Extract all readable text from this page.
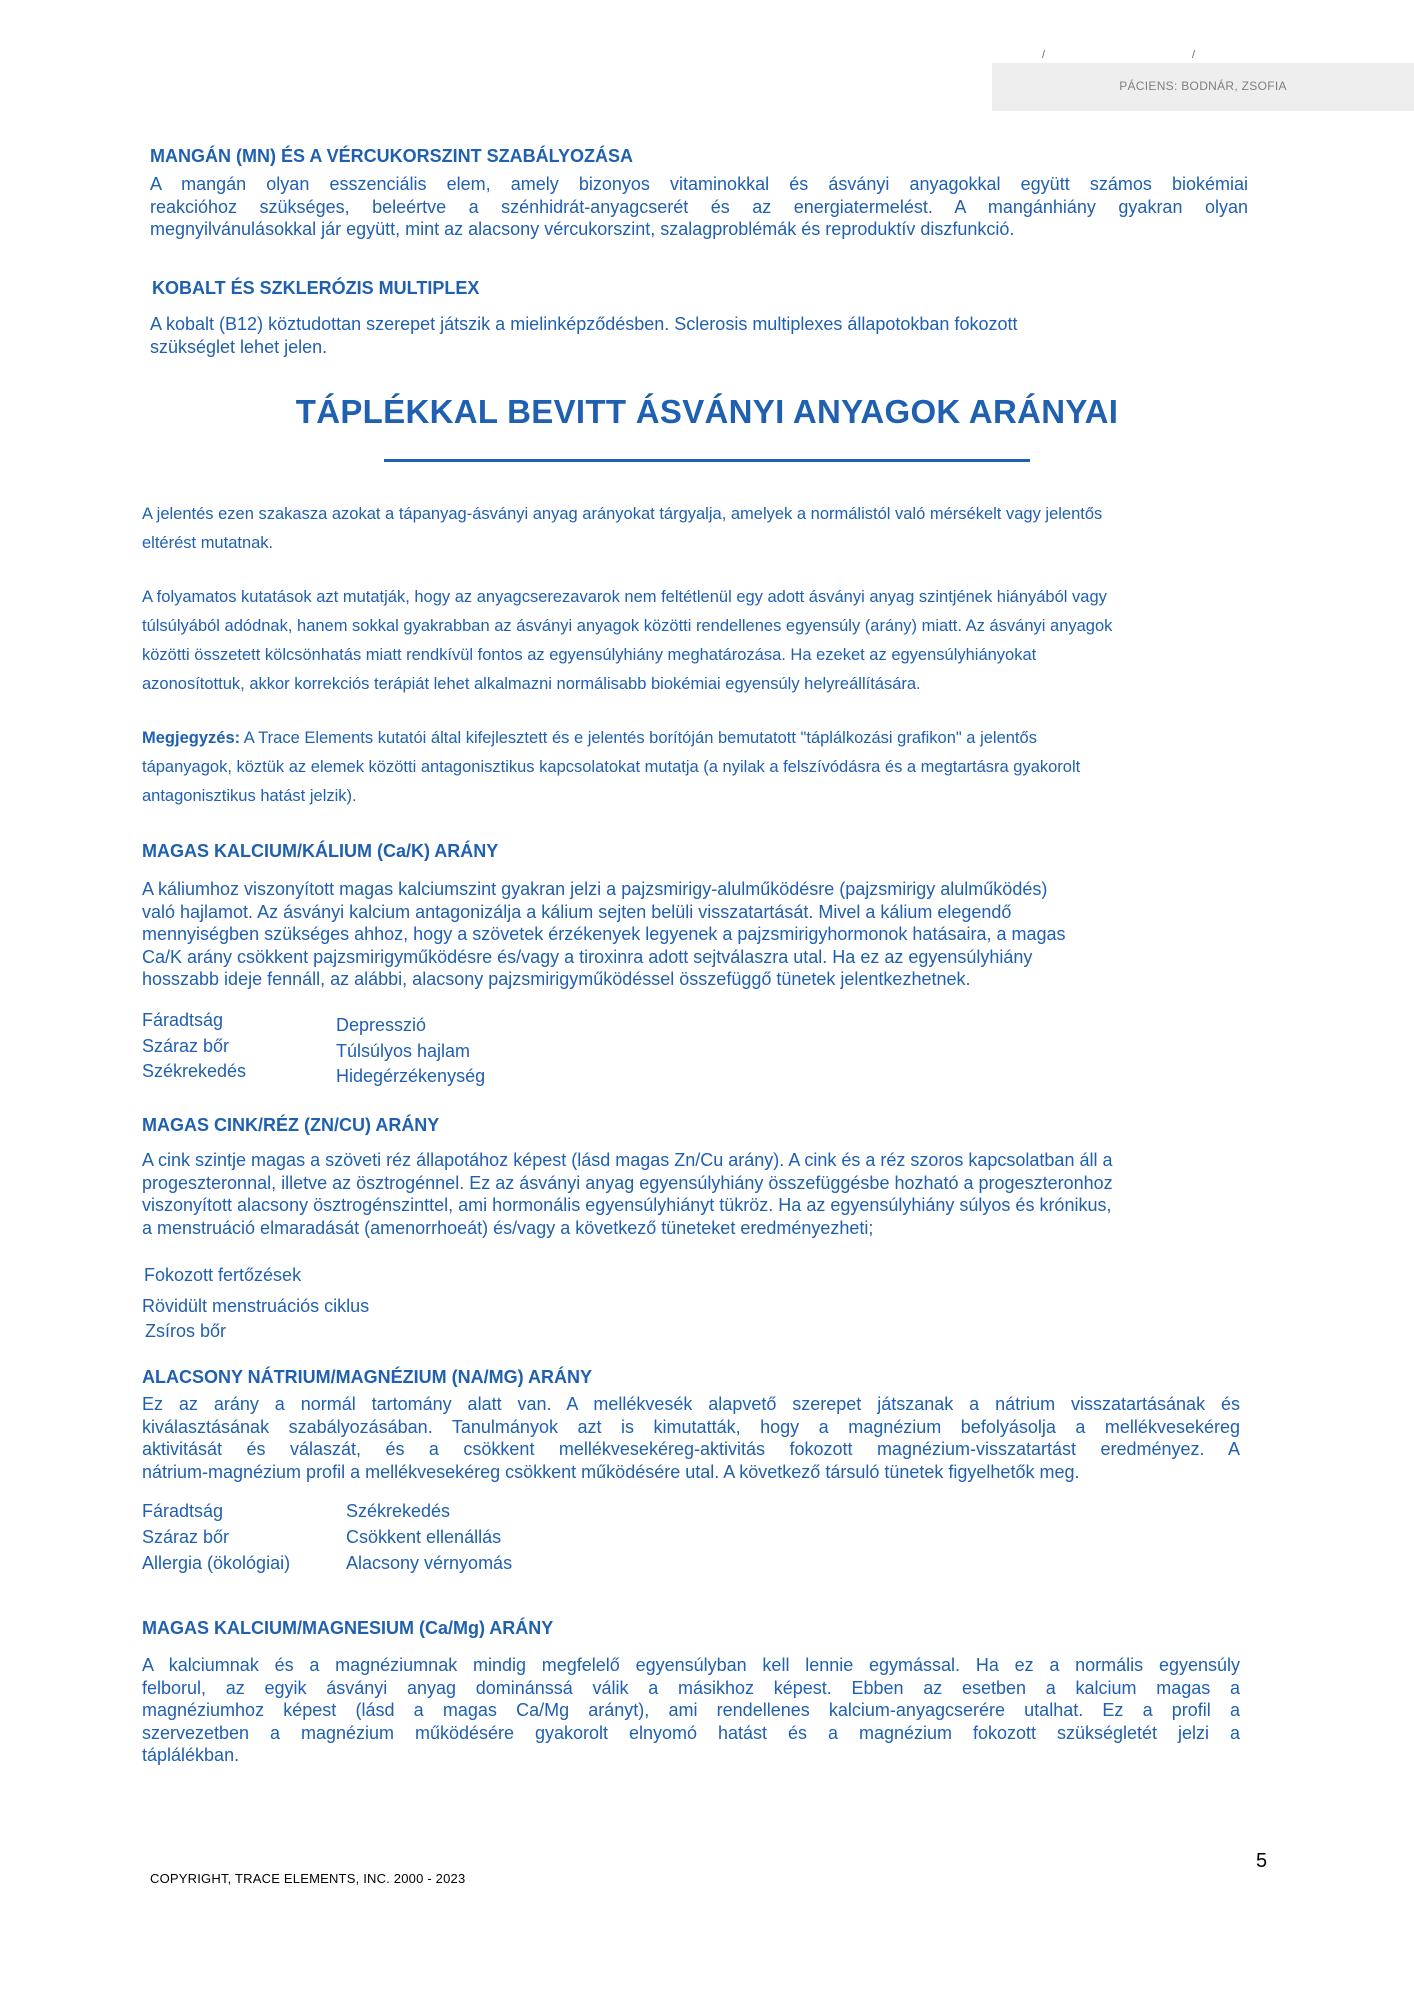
/	/
PÁCIENS: BODNÁR, ZSOFIA
MANGÁN (MN) ÉS A VÉRCUKORSZINT SZABÁLYOZÁSA
A mangán olyan esszenciális elem, amely bizonyos vitaminokkal és ásványi anyagokkal együtt számos biokémiai
reakcióhoz szükséges, beleértve a szénhidrát-anyagcserét és az energiatermelést. A mangánhiány gyakran olyan
megnyilvánulásokkal jár együtt, mint az alacsony vércukorszint, szalagproblémák és reproduktív diszfunkció.
KOBALT ÉS SZKLERÓZIS MULTIPLEX
A kobalt (B12) köztudottan szerepet játszik a mielinképződésben. Sclerosis multiplexes állapotokban fokozott
szükséglet lehet jelen.
TÁPLÉKKAL BEVITT ÁSVÁNYI ANYAGOK ARÁNYAI
A jelentés ezen szakasza azokat a tápanyag-ásványi anyag arányokat tárgyalja, amelyek a normálistól való mérsékelt vagy jelentős
eltérést mutatnak.
A folyamatos kutatások azt mutatják, hogy az anyagcserezavarok nem feltétlenül egy adott ásványi anyag szintjének hiányából vagy
túlsúlyából adódnak, hanem sokkal gyakrabban az ásványi anyagok közötti rendellenes egyensúly (arány) miatt. Az ásványi anyagok
közötti összetett kölcsönhatás miatt rendkívül fontos az egyensúlyhiány meghatározása. Ha ezeket az egyensúlyhiányokat
azonosítottuk, akkor korrekciós terápiát lehet alkalmazni normálisabb biokémiai egyensúly helyreállítására.
Megjegyzés: A Trace Elements kutatói által kifejlesztett és e jelentés borítóján bemutatott "táplálkozási grafikon" a jelentős
tápanyagok, köztük az elemek közötti antagonisztikus kapcsolatokat mutatja (a nyilak a felszívódásra és a megtartásra gyakorolt
antagonisztikus hatást jelzik).
MAGAS KALCIUM/KÁLIUM (Ca/K) ARÁNY
A káliumhoz viszonyított magas kalciumszint gyakran jelzi a pajzsmirigy-alulműködésre (pajzsmirigy alulműködés)
való hajlamot. Az ásványi kalcium antagonizálja a kálium sejten belüli visszatartását. Mivel a kálium elegendő
mennyiségben szükséges ahhoz, hogy a szövetek érzékenyek legyenek a pajzsmirigyhormonok hatásaira, a magas
Ca/K arány csökkent pajzsmirigyműködésre és/vagy a tiroxinra adott sejtválaszra utal. Ha ez az egyensúlyhiány
hosszabb ideje fennáll, az alábbi, alacsony pajzsmirigyműködéssel összefüggő tünetek jelentkezhetnek.
Fáradtság
Száraz bőr
Székrekedés
Depresszió
Túlsúlyos hajlam
Hidegérzékenység
MAGAS CINK/RÉZ (ZN/CU) ARÁNY
A cink szintje magas a szöveti réz állapotához képest (lásd magas Zn/Cu arány). A cink és a réz szoros kapcsolatban áll a
progeszteronnal, illetve az ösztrogénnel. Ez az ásványi anyag egyensúlyhiány összefüggésbe hozható a progeszteronhoz
viszonyított alacsony ösztrogénszinttel, ami hormonális egyensúlyhiányt tükröz. Ha az egyensúlyhiány súlyos és krónikus,
a menstruáció elmaradását (amenorrhoeát) és/vagy a következő tüneteket eredményezheti;
Fokozott fertőzések
Rövidült menstruációs ciklus
Zsíros bőr
ALACSONY NÁTRIUM/MAGNÉZIUM (NA/MG) ARÁNY
Ez az arány a normál tartomány alatt van. A mellékvesék alapvető szerepet játszanak a nátrium visszatartásának és
kiválasztásának szabályozásában. Tanulmányok azt is kimutatták, hogy a magnézium befolyásolja a mellékvesekéreg
aktivitását és válaszát, és a csökkent mellékvesekéreg-aktivitás fokozott magnézium-visszatartást eredményez. A
nátrium-magnézium profil a mellékvesekéreg csökkent működésére utal. A következő társuló tünetek figyelhetők meg.
Fáradtság
Száraz bőr
Allergia (ökológiai)
Székrekedés
Csökkent ellenállás
Alacsony vérnyomás
MAGAS KALCIUM/MAGNESIUM (Ca/Mg) ARÁNY
A kalciumnak és a magnéziumnak mindig megfelelő egyensúlyban kell lennie egymással. Ha ez a normális egyensúly
felborul, az egyik ásványi anyag dominánssá válik a másikhoz képest. Ebben az esetben a kalcium magas a
magnéziumhoz képest (lásd a magas Ca/Mg arányt), ami rendellenes kalcium-anyagcserére utalhat. Ez a profil a
szervezetben a magnézium működésére gyakorolt elnyomó hatást és a magnézium fokozott szükségletét jelzi a
táplálékban.
5
COPYRIGHT, TRACE ELEMENTS, INC. 2000 - 2023
